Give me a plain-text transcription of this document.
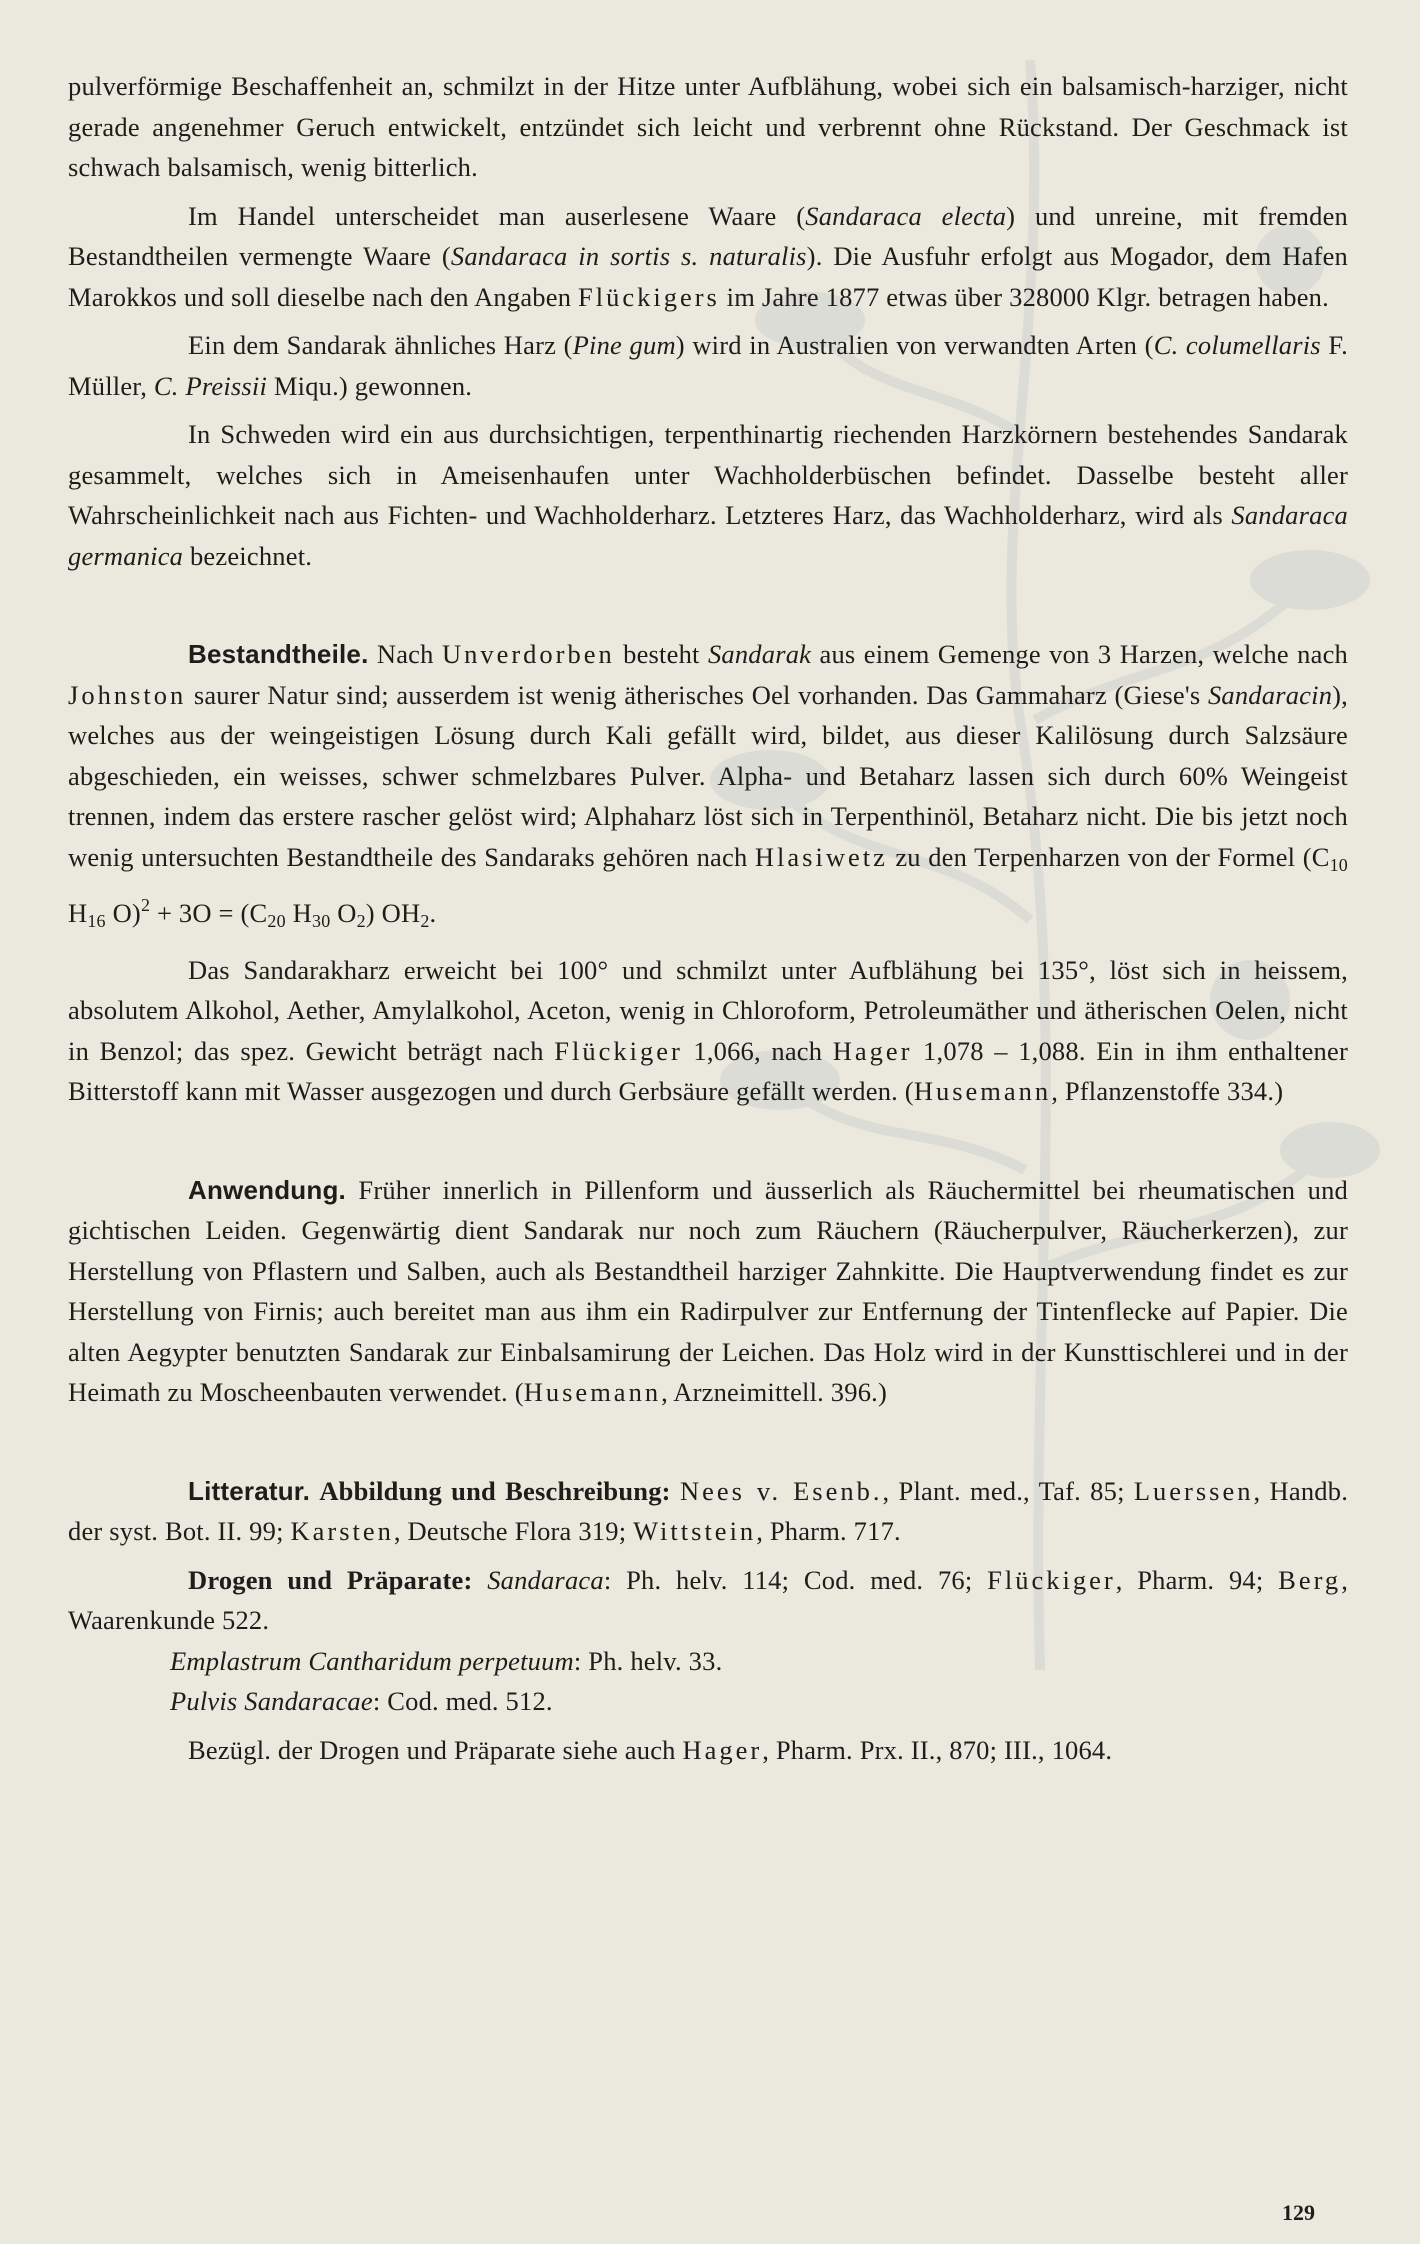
pulverförmige Beschaffenheit an, schmilzt in der Hitze unter Aufblähung, wobei sich ein balsamisch-harziger, nicht gerade angenehmer Geruch entwickelt, entzündet sich leicht und verbrennt ohne Rückstand. Der Geschmack ist schwach balsamisch, wenig bitterlich.

Im Handel unterscheidet man auserlesene Waare (Sandaraca electa) und unreine, mit fremden Bestandtheilen vermengte Waare (Sandaraca in sortis s. naturalis). Die Ausfuhr erfolgt aus Mogador, dem Hafen Marokkos und soll dieselbe nach den Angaben Flückigers im Jahre 1877 etwas über 328000 Klgr. betragen haben.

Ein dem Sandarak ähnliches Harz (Pine gum) wird in Australien von verwandten Arten (C. columellaris F. Müller, C. Preissii Miqu.) gewonnen.

In Schweden wird ein aus durchsichtigen, terpenthinartig riechenden Harzkörnern bestehendes Sandarak gesammelt, welches sich in Ameisenhaufen unter Wachholderbüschen befindet. Dasselbe besteht aller Wahrscheinlichkeit nach aus Fichten- und Wachholderharz. Letzteres Harz, das Wachholderharz, wird als Sandaraca germanica bezeichnet.

Bestandtheile. Nach Unverdorben besteht Sandarak aus einem Gemenge von 3 Harzen, welche nach Johnston saurer Natur sind; ausserdem ist wenig ätherisches Oel vorhanden. Das Gammaharz (Giese's Sandaracin), welches aus der weingeistigen Lösung durch Kali gefällt wird, bildet, aus dieser Kalilösung durch Salzsäure abgeschieden, ein weisses, schwer schmelzbares Pulver. Alpha- und Betaharz lassen sich durch 60% Weingeist trennen, indem das erstere rascher gelöst wird; Alphaharz löst sich in Terpenthinöl, Betaharz nicht. Die bis jetzt noch wenig untersuchten Bestandtheile des Sandaraks gehören nach Hlasiwetz zu den Terpenharzen von der Formel ($C_{10}$ $H_{16}$ $O)^2 + 3O = (C_{20}$ $H_{30}$ $O_2$) $OH_2$.

Das Sandarakharz erweicht bei 100° und schmilzt unter Aufblähung bei 135°, löst sich in heissem, absolutem Alkohol, Aether, Amylalkohol, Aceton, wenig in Chloroform, Petroleumäther und ätherischen Oelen, nicht in Benzol; das spez. Gewicht beträgt nach Flückiger 1,066, nach Hager 1,078 – 1,088. Ein in ihm enthaltener Bitterstoff kann mit Wasser ausgezogen und durch Gerbsäure gefällt werden. (Husemann, Pflanzenstoffe 334.)

Anwendung. Früher innerlich in Pillenform und äusserlich als Räuchermittel bei rheumatischen und gichtischen Leiden. Gegenwärtig dient Sandarak nur noch zum Räuchern (Räucherpulver, Räucherkerzen), zur Herstellung von Pflastern und Salben, auch als Bestandtheil harziger Zahnkitte. Die Hauptverwendung findet es zur Herstellung von Firnis; auch bereitet man aus ihm ein Radirpulver zur Entfernung der Tintenflecke auf Papier. Die alten Aegypter benutzten Sandarak zur Einbalsamirung der Leichen. Das Holz wird in der Kunsttischlerei und in der Heimath zu Moscheenbauten verwendet. (Husemann, Arzneimittell. 396.)

Litteratur. Abbildung und Beschreibung: Nees v. Esenb., Plant. med., Taf. 85; Luerssen, Handb. der syst. Bot. II. 99; Karsten, Deutsche Flora 319; Wittstein, Pharm. 717.

Drogen und Präparate: Sandaraca: Ph. helv. 114; Cod. med. 76; Flückiger, Pharm. 94; Berg, Waarenkunde 522.

Emplastrum Cantharidum perpetuum: Ph. helv. 33.

Pulvis Sandaracae: Cod. med. 512.

Bezügl. der Drogen und Präparate siehe auch Hager, Pharm. Prx. II., 870; III., 1064.

129
